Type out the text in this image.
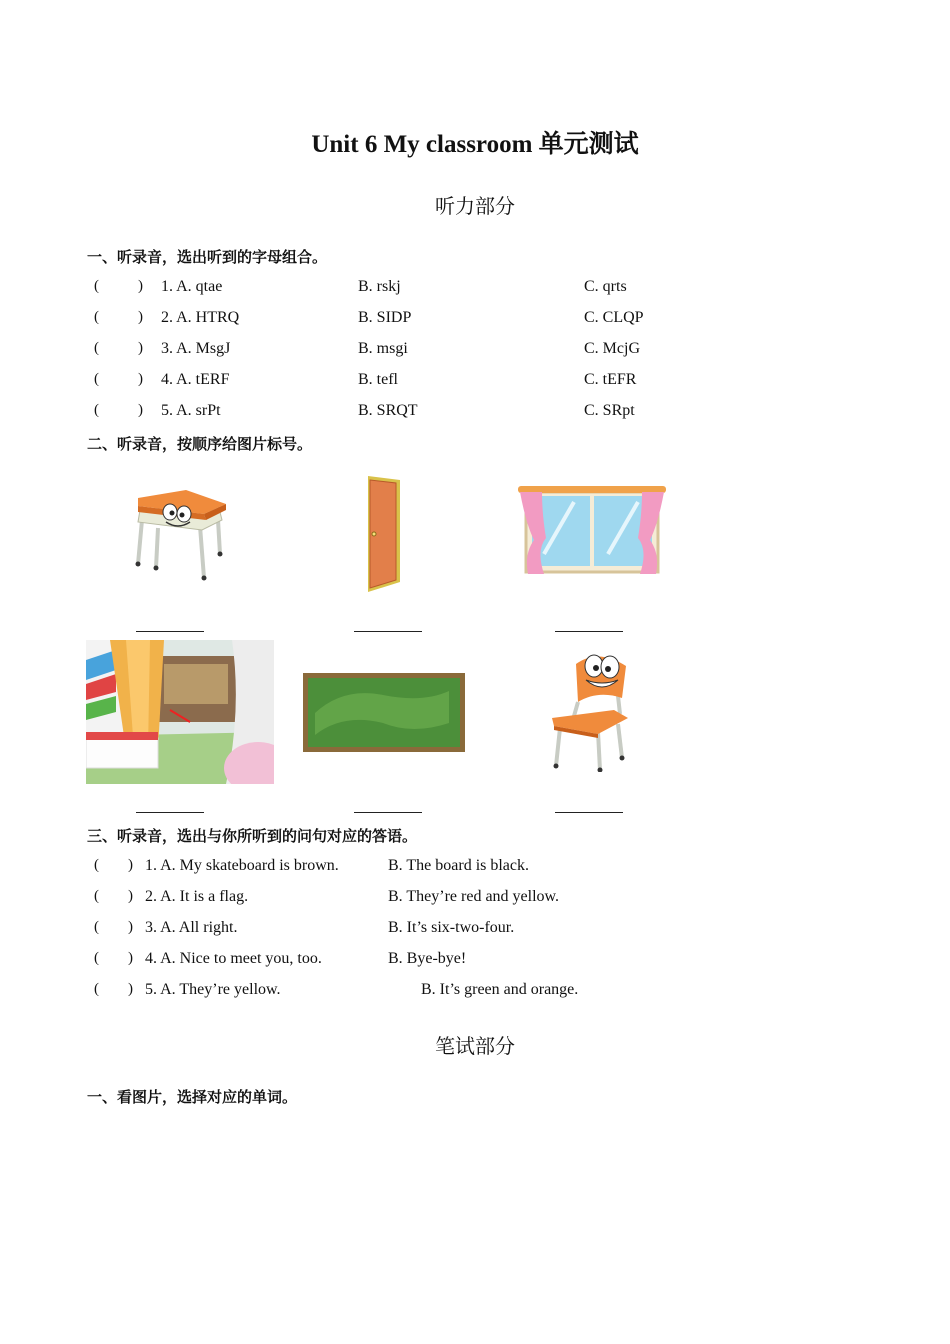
Unit 6 My classroom 单元测试
听力部分
一、听录音，选出听到的字母组合。
(	) 1. A. qtae	B. rskj	C. qrts
(	) 2. A. HTRQ	B. SIDP	C. CLQP
(	) 3. A. MsgJ	B. msgi	C. McjG
(	) 4. A. tERF	B. tefl	C. tEFR
(	) 5. A. srPt	B. SRQT	C. SRpt
二、听录音，按顺序给图片标号。
三、听录音，选出与你所听到的问句对应的答语。
( ) 1. A. My skateboard is brown.	B. The board is black.
( ) 2. A. It is a flag.	B. They’re red and yellow.
( ) 3. A. All right.	B. It’s six-two-four.
( ) 4. A. Nice to meet you, too.	B. Bye-bye!
( ) 5. A. They’re yellow.	B. It’s green and orange.
笔试部分
一、看图片，选择对应的单词。
